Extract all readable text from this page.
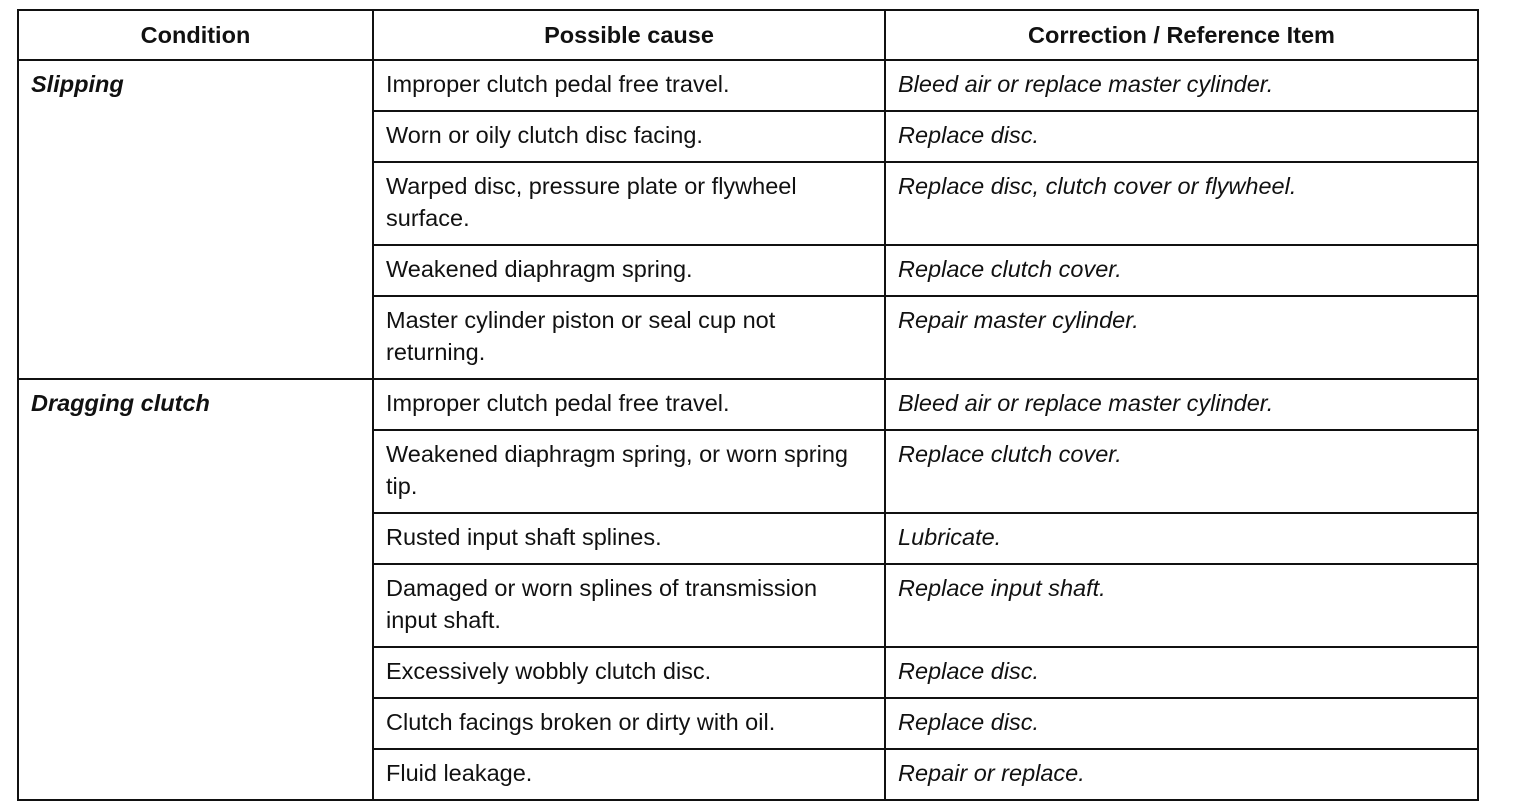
Condition	Possible cause	Correction / Reference Item
Slipping	Improper clutch pedal free travel.	Bleed air or replace master cylinder.
	Worn or oily clutch disc facing.	Replace disc.
	Warped disc, pressure plate or flywheel surface.	Replace disc, clutch cover or flywheel.
	Weakened diaphragm spring.	Replace clutch cover.
	Master cylinder piston or seal cup not returning.	Repair master cylinder.
Dragging clutch	Improper clutch pedal free travel.	Bleed air or replace master cylinder.
	Weakened diaphragm spring, or worn spring tip.	Replace clutch cover.
	Rusted input shaft splines.	Lubricate.
	Damaged or worn splines of transmission input shaft.	Replace input shaft.
	Excessively wobbly clutch disc.	Replace disc.
	Clutch facings broken or dirty with oil.	Replace disc.
	Fluid leakage.	Repair or replace.
